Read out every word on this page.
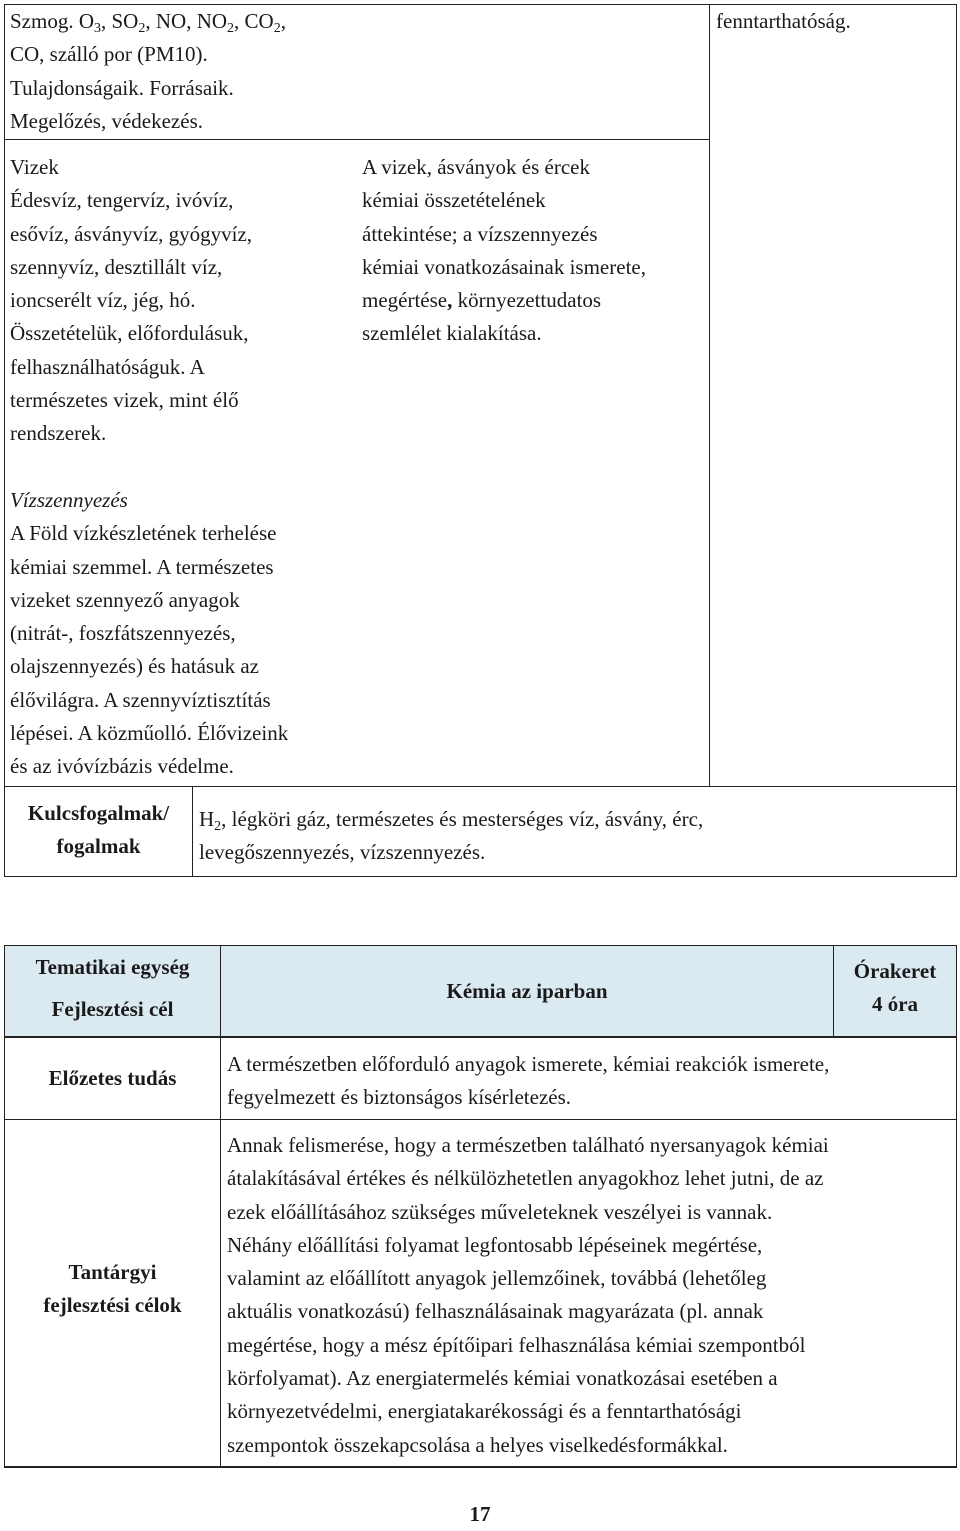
Szmog. $O_3$, $SO_2$, NO, $NO_2$, $CO_2$,
CO, szálló por (PM10).
Tulajdonságaik. Forrásaik.
Megelőzés, védekezés.
fenntarthatóság.
Vizek
Édesvíz, tengervíz, ivóvíz,
esővíz, ásványvíz, gyógyvíz,
szennyvíz, desztillált víz,
ioncserélt víz, jég, hó.
Összetételük, előfordulásuk,
felhasználhatóságuk. A
természetes vizek, mint élő
rendszerek.
A vizek, ásványok és ércek
kémiai összetételének
áttekintése; a vízszennyezés
kémiai vonatkozásainak ismerete,
megértése, környezettudatos
szemlélet kialakítása.
Vízszennyezés
A Föld vízkészletének terhelése
kémiai szemmel. A természetes
vizeket szennyező anyagok
(nitrát-, foszfátszennyezés,
olajszennyezés) és hatásuk az
élővilágra. A szennyvíztisztítás
lépései. A közműolló. Élővizeink
és az ivóvízbázis védelme.
Kulcsfogalmak/
fogalmak
$H_2$, légköri gáz, természetes és mesterséges víz, ásvány, érc,
levegőszennyezés, vízszennyezés.
Tematikai egység
Fejlesztési cél
Kémia az iparban
Órakeret
4 óra
Előzetes tudás
A természetben előforduló anyagok ismerete, kémiai reakciók ismerete,
fegyelmezett és biztonságos kísérletezés.
Tantárgyi
fejlesztési célok
Annak felismerése, hogy a természetben található nyersanyagok kémiai
átalakításával értékes és nélkülözhetetlen anyagokhoz lehet jutni, de az
ezek előállításához szükséges műveleteknek veszélyei is vannak.
Néhány előállítási folyamat legfontosabb lépéseinek megértése,
valamint az előállított anyagok jellemzőinek, továbbá (lehetőleg
aktuális vonatkozású) felhasználásainak magyarázata (pl. annak
megértése, hogy a mész építőipari felhasználása kémiai szempontból
körfolyamat). Az energiatermelés kémiai vonatkozásai esetében a
környezetvédelmi, energiatakarékossági és a fenntarthatósági
szempontok összekapcsolása a helyes viselkedésformákkal.
17
